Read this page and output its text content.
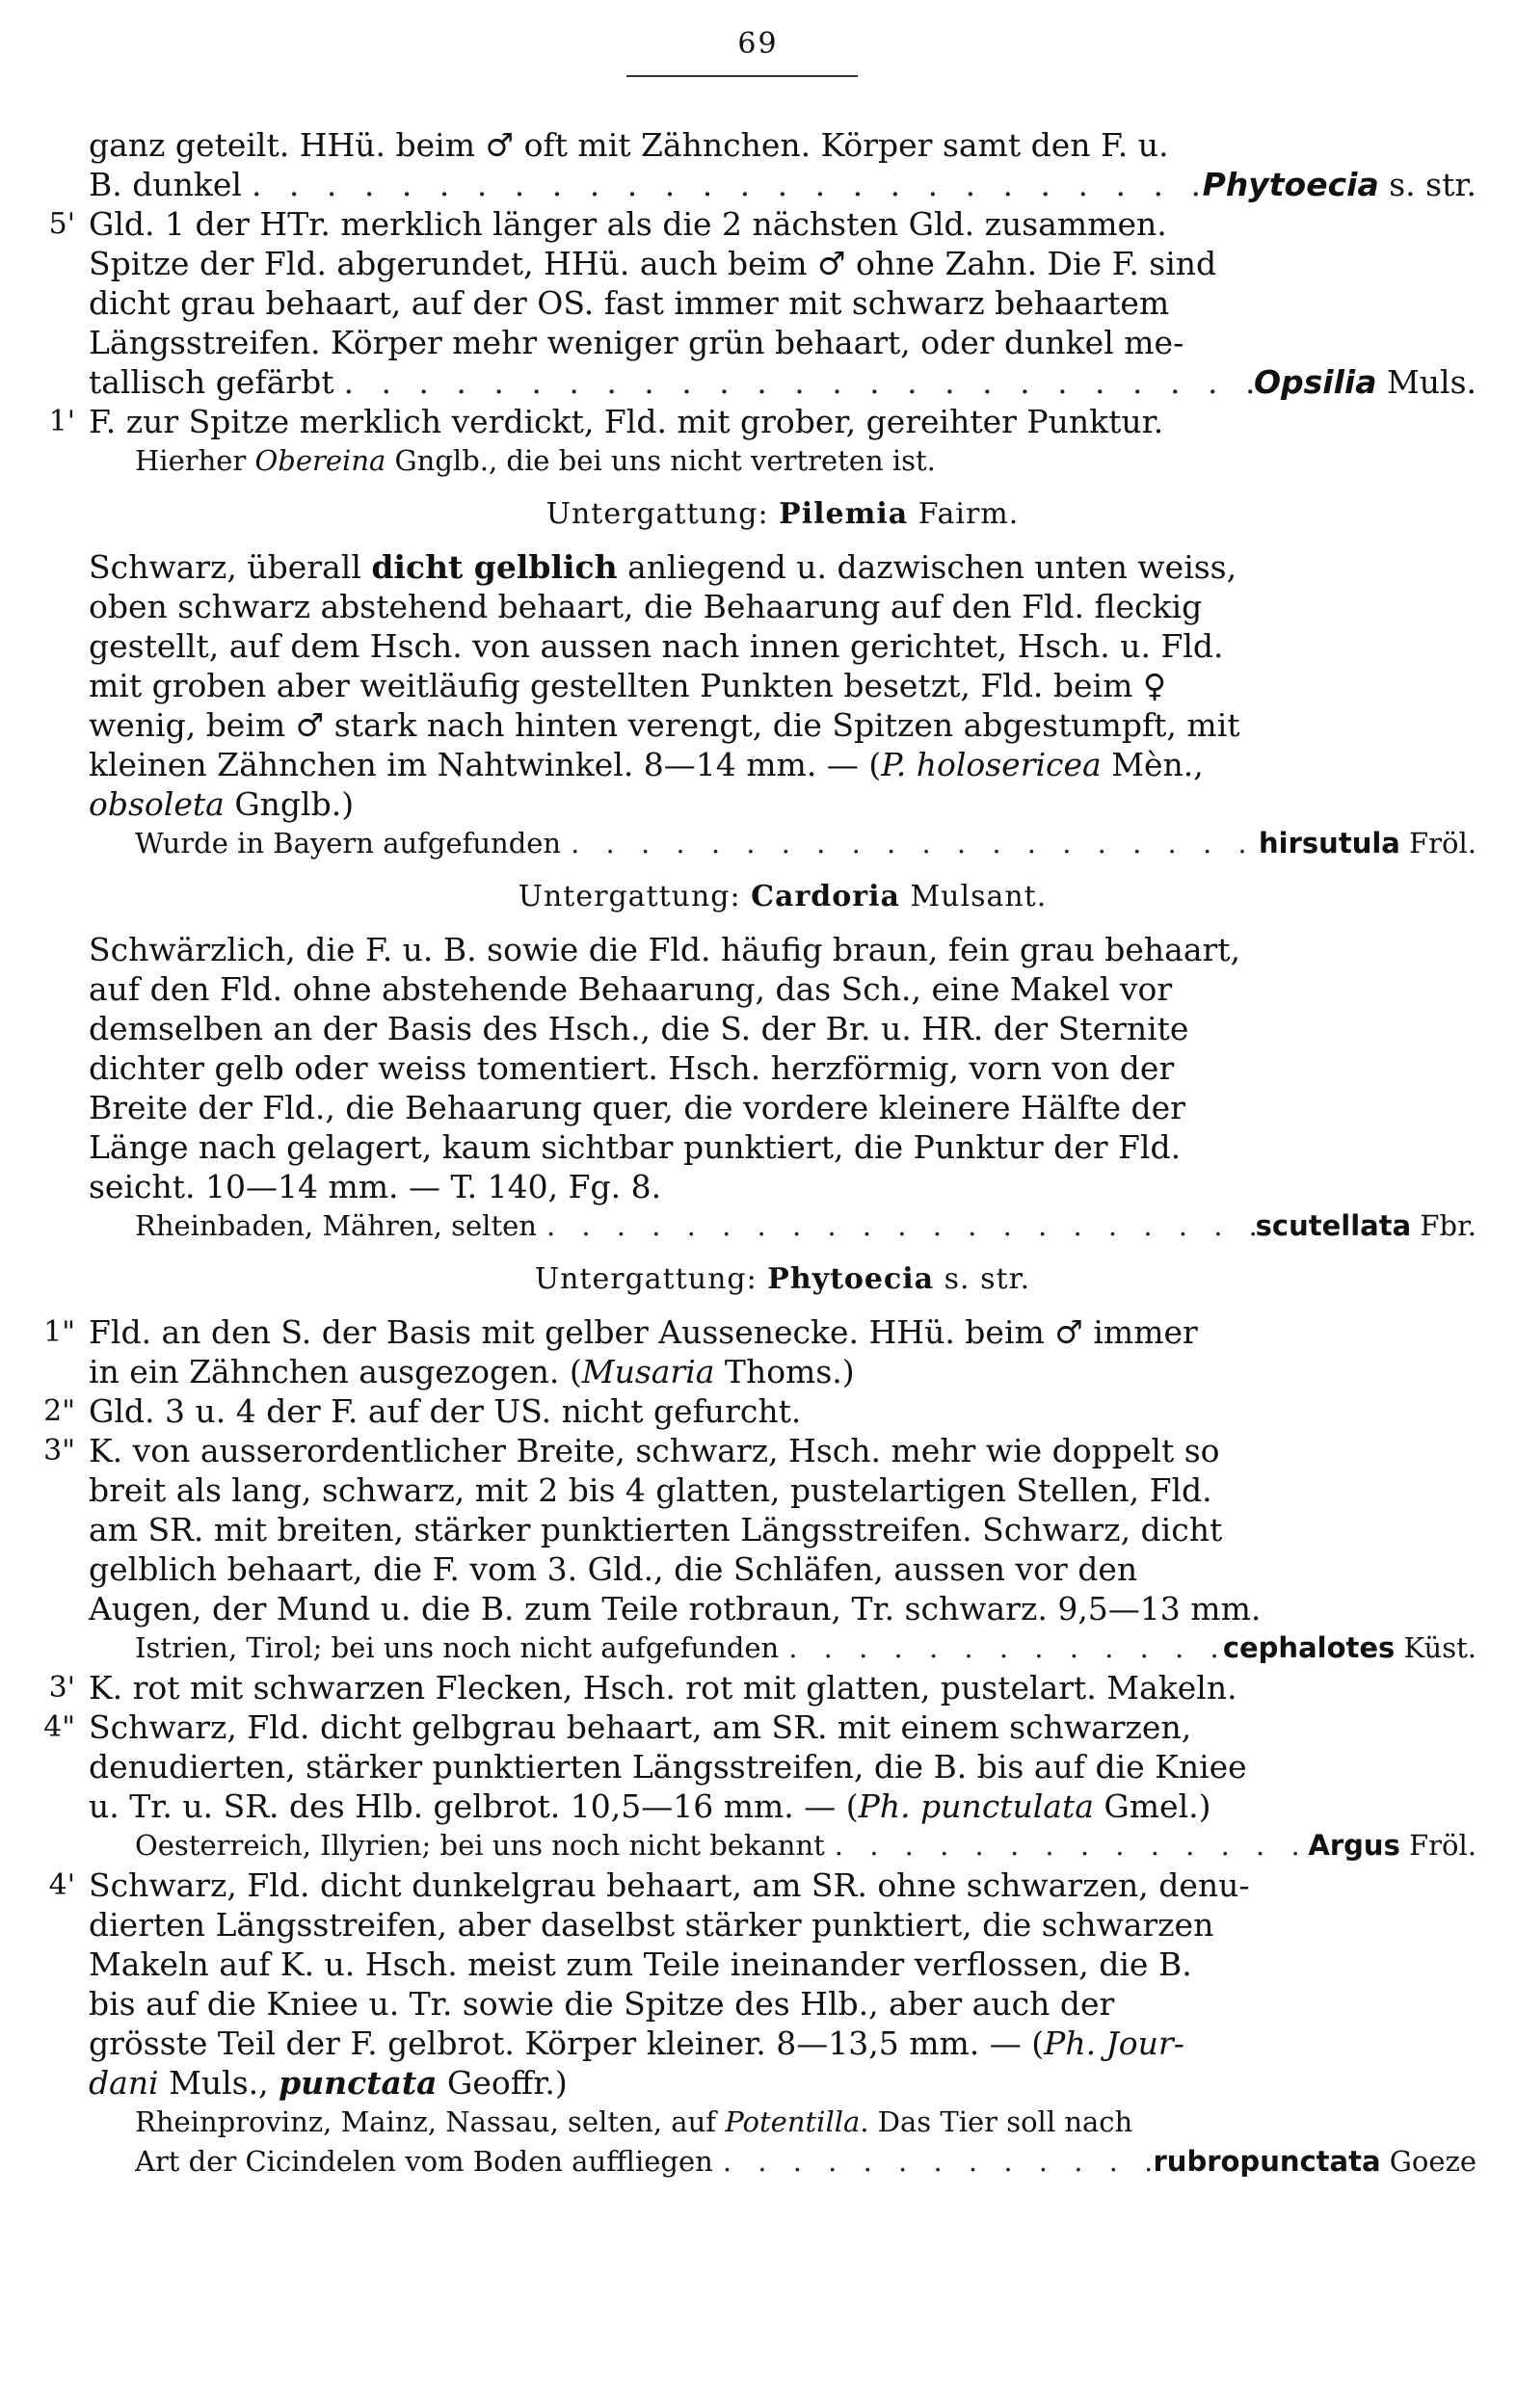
69
ganz geteilt. HHü. beim ♂ oft mit Zähnchen. Körper samt den F. u.
B. dunkel . . .	Phytoecia s. str.
5' Gld. 1 der HTr. merklich länger als die 2 nächsten Gld. zusammen.
Spitze der Fld. abgerundet, HHü. auch beim ♂ ohne Zahn. Die F. sind
dicht grau behaart, auf der OS. fast immer mit schwarz behaartem
Längsstreifen. Körper mehr weniger grün behaart, oder dunkel me-
tallisch gefärbt . . .	Opsilia Muls.
1' F. zur Spitze merklich verdickt, Fld. mit grober, gereihter Punktur.
Hierher Obereina Gnglb., die bei uns nicht vertreten ist.
Untergattung: Pilemia Fairm.
Schwarz, überall dicht gelblich anliegend u. dazwischen unten weiss,
oben schwarz abstehend behaart, die Behaarung auf den Fld. fleckig
gestellt, auf dem Hsch. von aussen nach innen gerichtet, Hsch. u. Fld.
mit groben aber weitläufig gestellten Punkten besetzt, Fld. beim ♀
wenig, beim ♂ stark nach hinten verengt, die Spitzen abgestumpft, mit
kleinen Zähnchen im Nahtwinkel. 8—14 mm. — ( P. holosericea Mèn.,
obsoleta Gnglb.)
Wurde in Bayern aufgefunden . . .	hirsutula Fröl.
Untergattung: Cardoria Mulsant.
Schwärzlich, die F. u. B. sowie die Fld. häufig braun, fein grau behaart,
auf den Fld. ohne abstehende Behaarung, das Sch., eine Makel vor
demselben an der Basis des Hsch., die S. der Br. u. HR. der Sternite
dichter gelb oder weiss tomentiert. Hsch. herzförmig, vorn von der
Breite der Fld., die Behaarung quer, die vordere kleinere Hälfte der
Länge nach gelagert, kaum sichtbar punktiert, die Punktur der Fld.
seicht. 10—14 mm. — T. 140, Fg. 8.
Rheinbaden, Mähren, selten . . .	scutellata Fbr.
Untergattung: Phytoecia s. str.
1" Fld. an den S. der Basis mit gelber Aussenecke. HHü. beim ♂ immer
in ein Zähnchen ausgezogen. ( Musaria Thoms.)
2" Gld. 3 u. 4 der F. auf der US. nicht gefurcht.
3" K. von ausserordentlicher Breite, schwarz, Hsch. mehr wie doppelt so
breit als lang, schwarz, mit 2 bis 4 glatten, pustelartigen Stellen, Fld.
am SR. mit breiten, stärker punktierten Längsstreifen. Schwarz, dicht
gelblich behaart, die F. vom 3. Gld., die Schläfen, aussen vor den
Augen, der Mund u. die B. zum Teile rotbraun, Tr. schwarz. 9,5—13 mm.
Istrien, Tirol; bei uns noch nicht aufgefunden . . .	cephalotes Küst.
3' K. rot mit schwarzen Flecken, Hsch. rot mit glatten, pustelart. Makeln.
4" Schwarz, Fld. dicht gelbgrau behaart, am SR. mit einem schwarzen,
denudierten, stärker punktierten Längsstreifen, die B. bis auf die Kniee
u. Tr. u. SR. des Hlb. gelbrot. 10,5—16 mm. — ( Ph. punctulata Gmel.)
Oesterreich, Illyrien; bei uns noch nicht bekannt . . .	Argus Fröl.
4' Schwarz, Fld. dicht dunkelgrau behaart, am SR. ohne schwarzen, denu-
dierten Längsstreifen, aber daselbst stärker punktiert, die schwarzen
Makeln auf K. u. Hsch. meist zum Teile ineinander verflossen, die B.
bis auf die Kniee u. Tr. sowie die Spitze des Hlb., aber auch der
grösste Teil der F. gelbrot. Körper kleiner. 8—13,5 mm. — ( Ph. Jour-
dani Muls., punctata Geoffr.)
Rheinprovinz, Mainz, Nassau, selten, auf Potentilla . Das Tier soll nach
Art der Cicindelen vom Boden auffliegen . . .	rubropunctata Goeze
